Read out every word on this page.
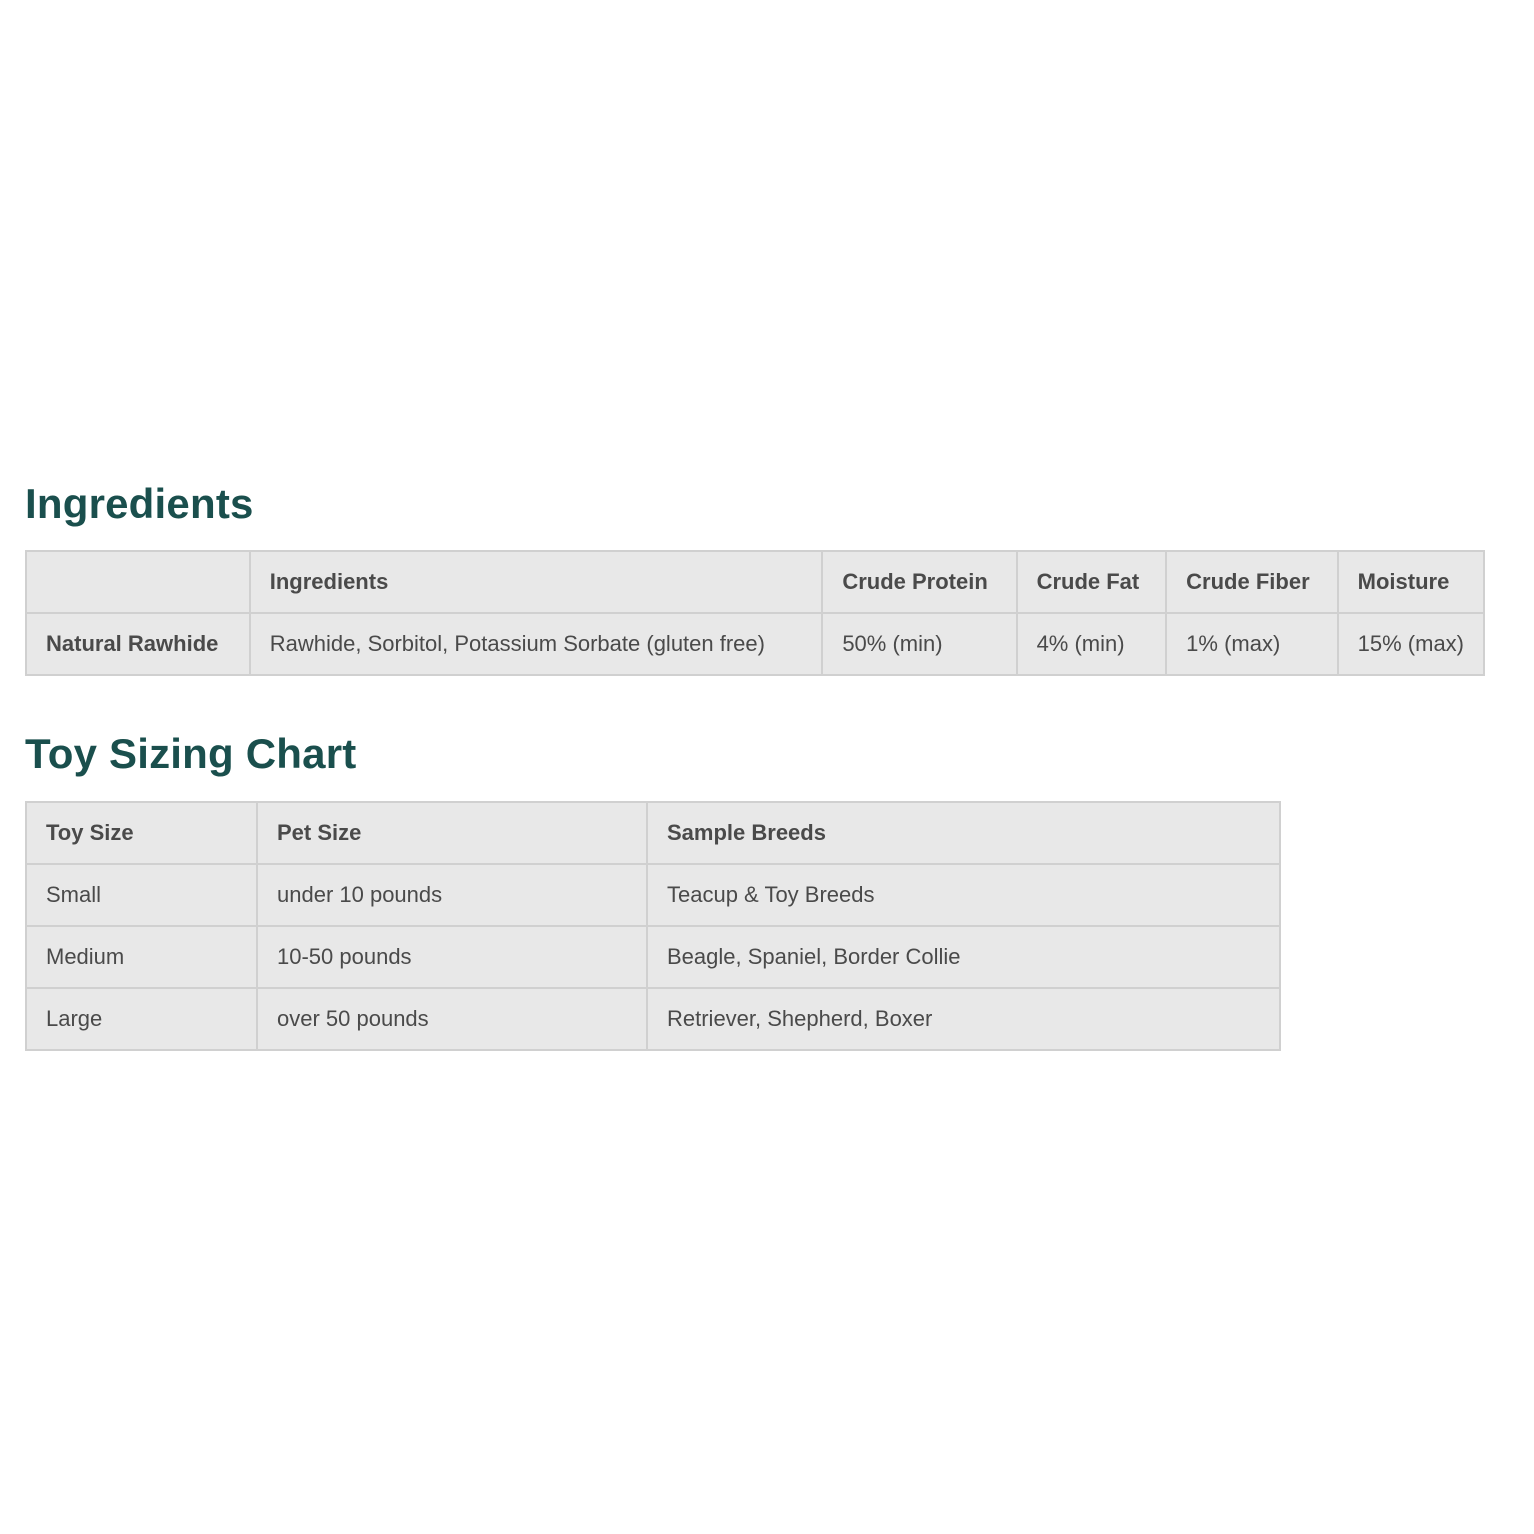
Ingredients
	Ingredients	Crude Protein	Crude Fat	Crude Fiber	Moisture
Natural Rawhide	Rawhide, Sorbitol, Potassium Sorbate (gluten free)	50% (min)	4% (min)	1% (max)	15% (max)
Toy Sizing Chart
Toy Size	Pet Size	Sample Breeds
Small	under 10 pounds	Teacup & Toy Breeds
Medium	10-50 pounds	Beagle, Spaniel, Border Collie
Large	over 50 pounds	Retriever, Shepherd, Boxer
